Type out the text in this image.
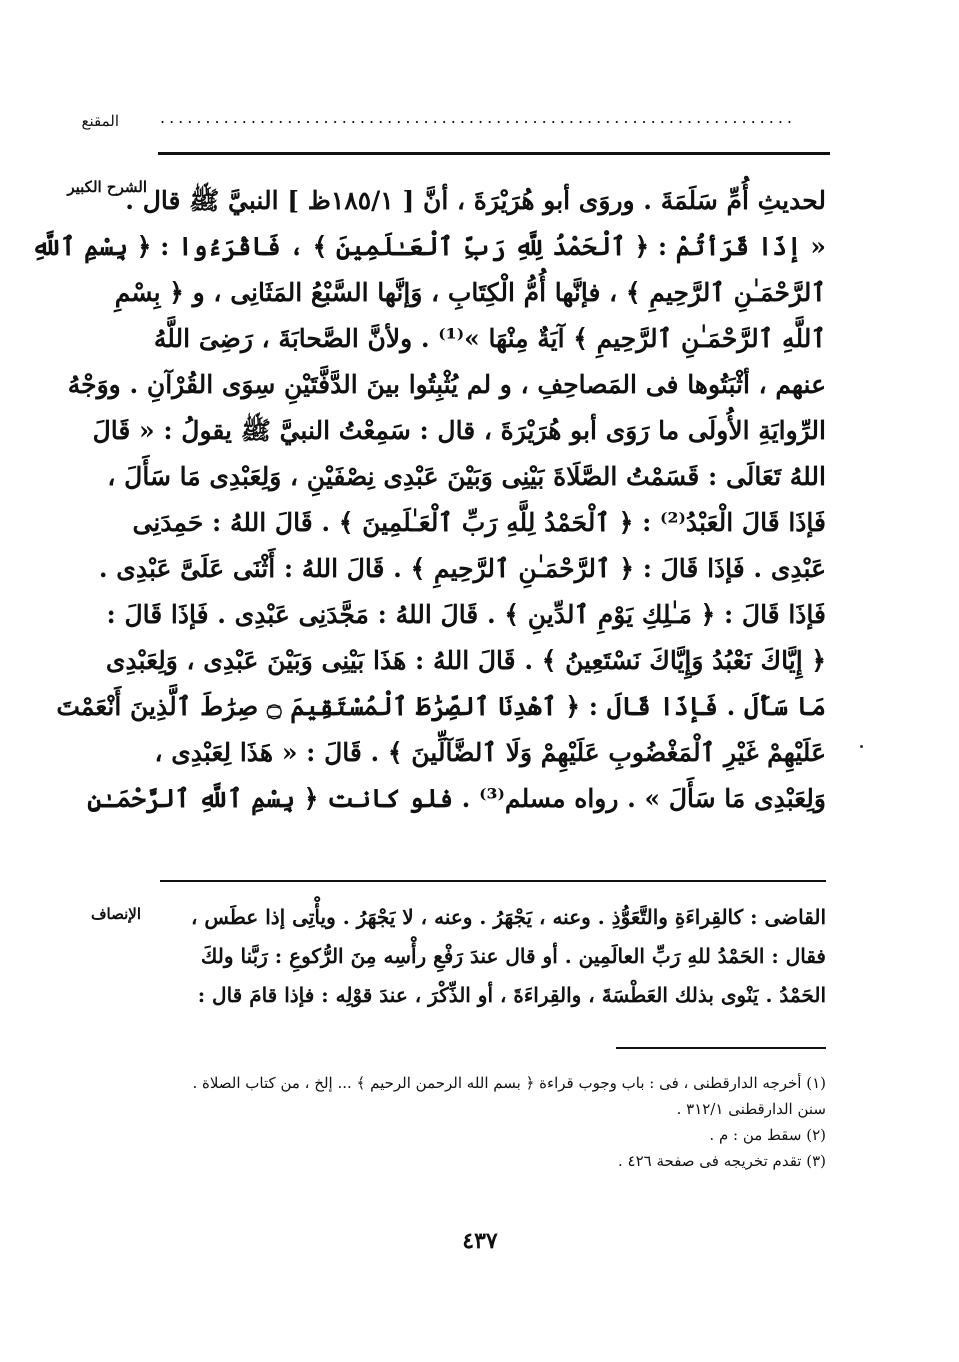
المقنع	......................................................................
الشرح الكبير
لحديثِ أُمِّ سَلَمَةَ . وروَى أبو هُرَيْرَةَ ، أنَّ [ ١٨٥/١ظ ] النبيَّ ﷺ قال .
« إذَا قَرَأتُمْ : ﴿ ٱلْحَمْدُ لِلَّهِ رَبِّ ٱلْعَـٰلَمِينَ ﴾ ، فَاقْرَءُوا : ﴿ بِسْمِ ٱللَّهِ
ٱلرَّحْمَـٰنِ ٱلرَّحِيمِ ﴾ ، فإنَّها أُمُّ الْكِتَابِ ، وَإنَّها السَّبْعُ المَثَانِى ، و ﴿ بِسْمِ
ٱللَّهِ ٱلرَّحْمَـٰنِ ٱلرَّحِيمِ ﴾ آيَةٌ مِنْهَا »⁽¹⁾ . ولأنَّ الصَّحابَةَ ، رَضِىَ اللَّهُ
عنهم ، أثْبَتُوها فى المَصاحِفِ ، و لم يُثْبِتُوا بينَ الدَّفَّتَيْنِ سِوَى القُرْآنِ . ووَجْهُ
الرِّوايَةِ الأُولَى ما رَوَى أبو هُرَيْرَةَ ، قال : سَمِعْتُ النبيَّ ﷺ يقولُ : « قَالَ
اللهُ تَعَالَى : قَسَمْتُ الصَّلَاةَ بَيْنِى وَبَيْنَ عَبْدِى نِصْفَيْنِ ، وَلِعَبْدِى مَا سَأَلَ ،
فَإذَا قَالَ الْعَبْدُ⁽²⁾ : ﴿ ٱلْحَمْدُ لِلَّهِ رَبِّ ٱلْعَـٰلَمِينَ ﴾ . قَالَ اللهُ : حَمِدَنِى
عَبْدِى . فَإذَا قَالَ : ﴿ ٱلرَّحْمَـٰنِ ٱلرَّحِيمِ ﴾ . قَالَ اللهُ : أَثْنَى عَلَىَّ عَبْدِى .
فَإذَا قَالَ : ﴿ مَـٰلِكِ يَوْمِ ٱلدِّينِ ﴾ . قَالَ اللهُ : مَجَّدَنِى عَبْدِى . فَإذَا قَالَ :
﴿ إِيَّاكَ نَعْبُدُ وَإِيَّاكَ نَسْتَعِينُ ﴾ . قَالَ اللهُ : هَذَا بَيْنِى وَبَيْنَ عَبْدِى ، وَلِعَبْدِى
مَا سَأَلَ . فَإذَا قَالَ : ﴿ ٱهْدِنَا ٱلصِّرَٰطَ ٱلْمُسْتَقِيمَ ۝ صِرَٰطَ ٱلَّذِينَ أَنْعَمْتَ
عَلَيْهِمْ غَيْرِ ٱلْمَغْضُوبِ عَلَيْهِمْ وَلَا ٱلضَّآلِّينَ ﴾ . قَالَ : « هَذَا لِعَبْدِى ،
وَلِعَبْدِى مَا سَأَلَ » . رواه مسلم⁽³⁾ . فلو كانت ﴿ بِسْمِ ٱللَّهِ ٱلرَّحْمَـٰنِ
الإنصاف	القاضى : كالقِراءَةِ والتَّعَوُّذِ . وعنه ، يَجْهَرُ . وعنه ، لا يَجْهَرُ . ويأْتِى إذا عطَس ،
فقال : الحَمْدُ للهِ رَبِّ العالَمِين . أو قال عندَ رَفْعِ رأْسِه مِنَ الرُّكوعِ : رَبَّنا ولكَ
الحَمْدُ . يَنْوى بذلك العَطْسَةَ ، والقِراءَةَ ، أو الذِّكْرَ ، عندَ قوْلِه : فإذا قامَ قال :
(١) أخرجه الدارقطنى ، فى : باب وجوب قراءة ﴿ بسم الله الرحمن الرحيم ﴾ ... إلخ ، من كتاب الصلاة .
سنن الدارقطنى ٣١٢/١ .
(٢) سقط من : م .
(٣) تقدم تخريجه فى صفحة ٤٢٦ .
٤٣٧
